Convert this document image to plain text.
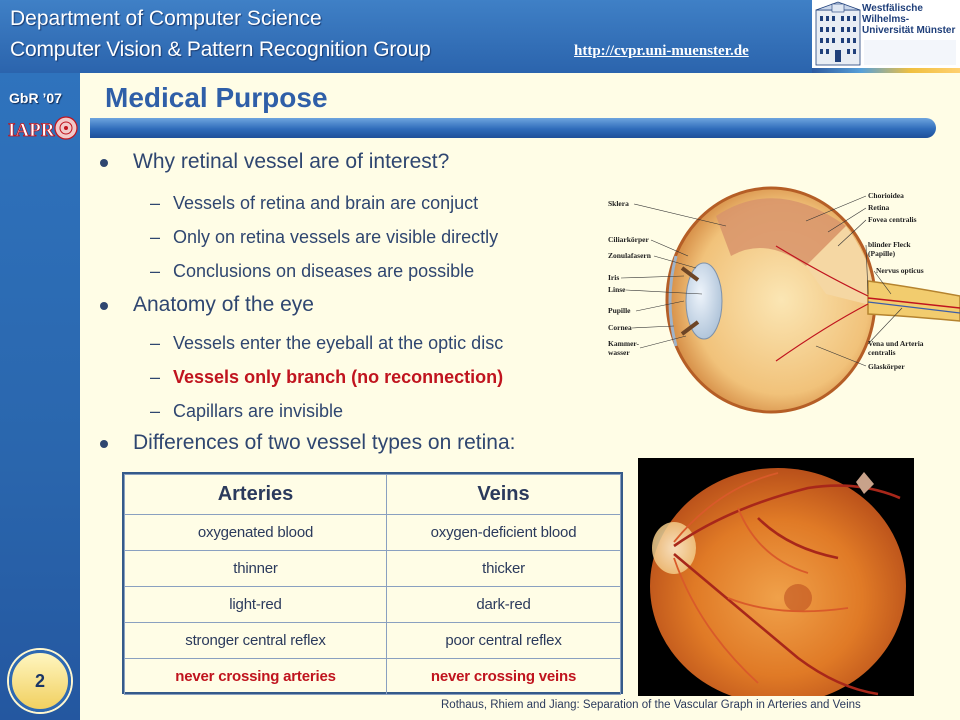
Department of Computer Science
Computer Vision & Pattern Recognition Group	http://cvpr.uni-muenster.de
Westfälische Wilhelms-Universität Münster
GbR ’07
IAPR
2
Medical Purpose
Why retinal vessel are of interest?
– Vessels of retina and brain are conjuct
– Only on retina vessels are visible directly
– Conclusions on diseases are possible
Anatomy of the eye
– Vessels enter the eyeball at the optic disc
– Vessels only branch (no reconnection)
– Capillars are invisible
Differences of two vessel types on retina:
Sklera
Ciliarkörper
Zonulafasern
Iris
Linse
Pupille
Cornea
Kammer-
wasser
Chorioidea
Retina
Fovea centralis
blinder Fleck
(Papille)
Nervus opticus
Vena und Arteria
centralis
Glaskörper
Arteries	Veins
oxygenated blood	oxygen-deficient blood
thinner	thicker
light-red	dark-red
stronger central reflex	poor central reflex
never crossing arteries	never crossing veins
Rothaus, Rhiem and Jiang: Separation of the Vascular Graph in Arteries and Veins
